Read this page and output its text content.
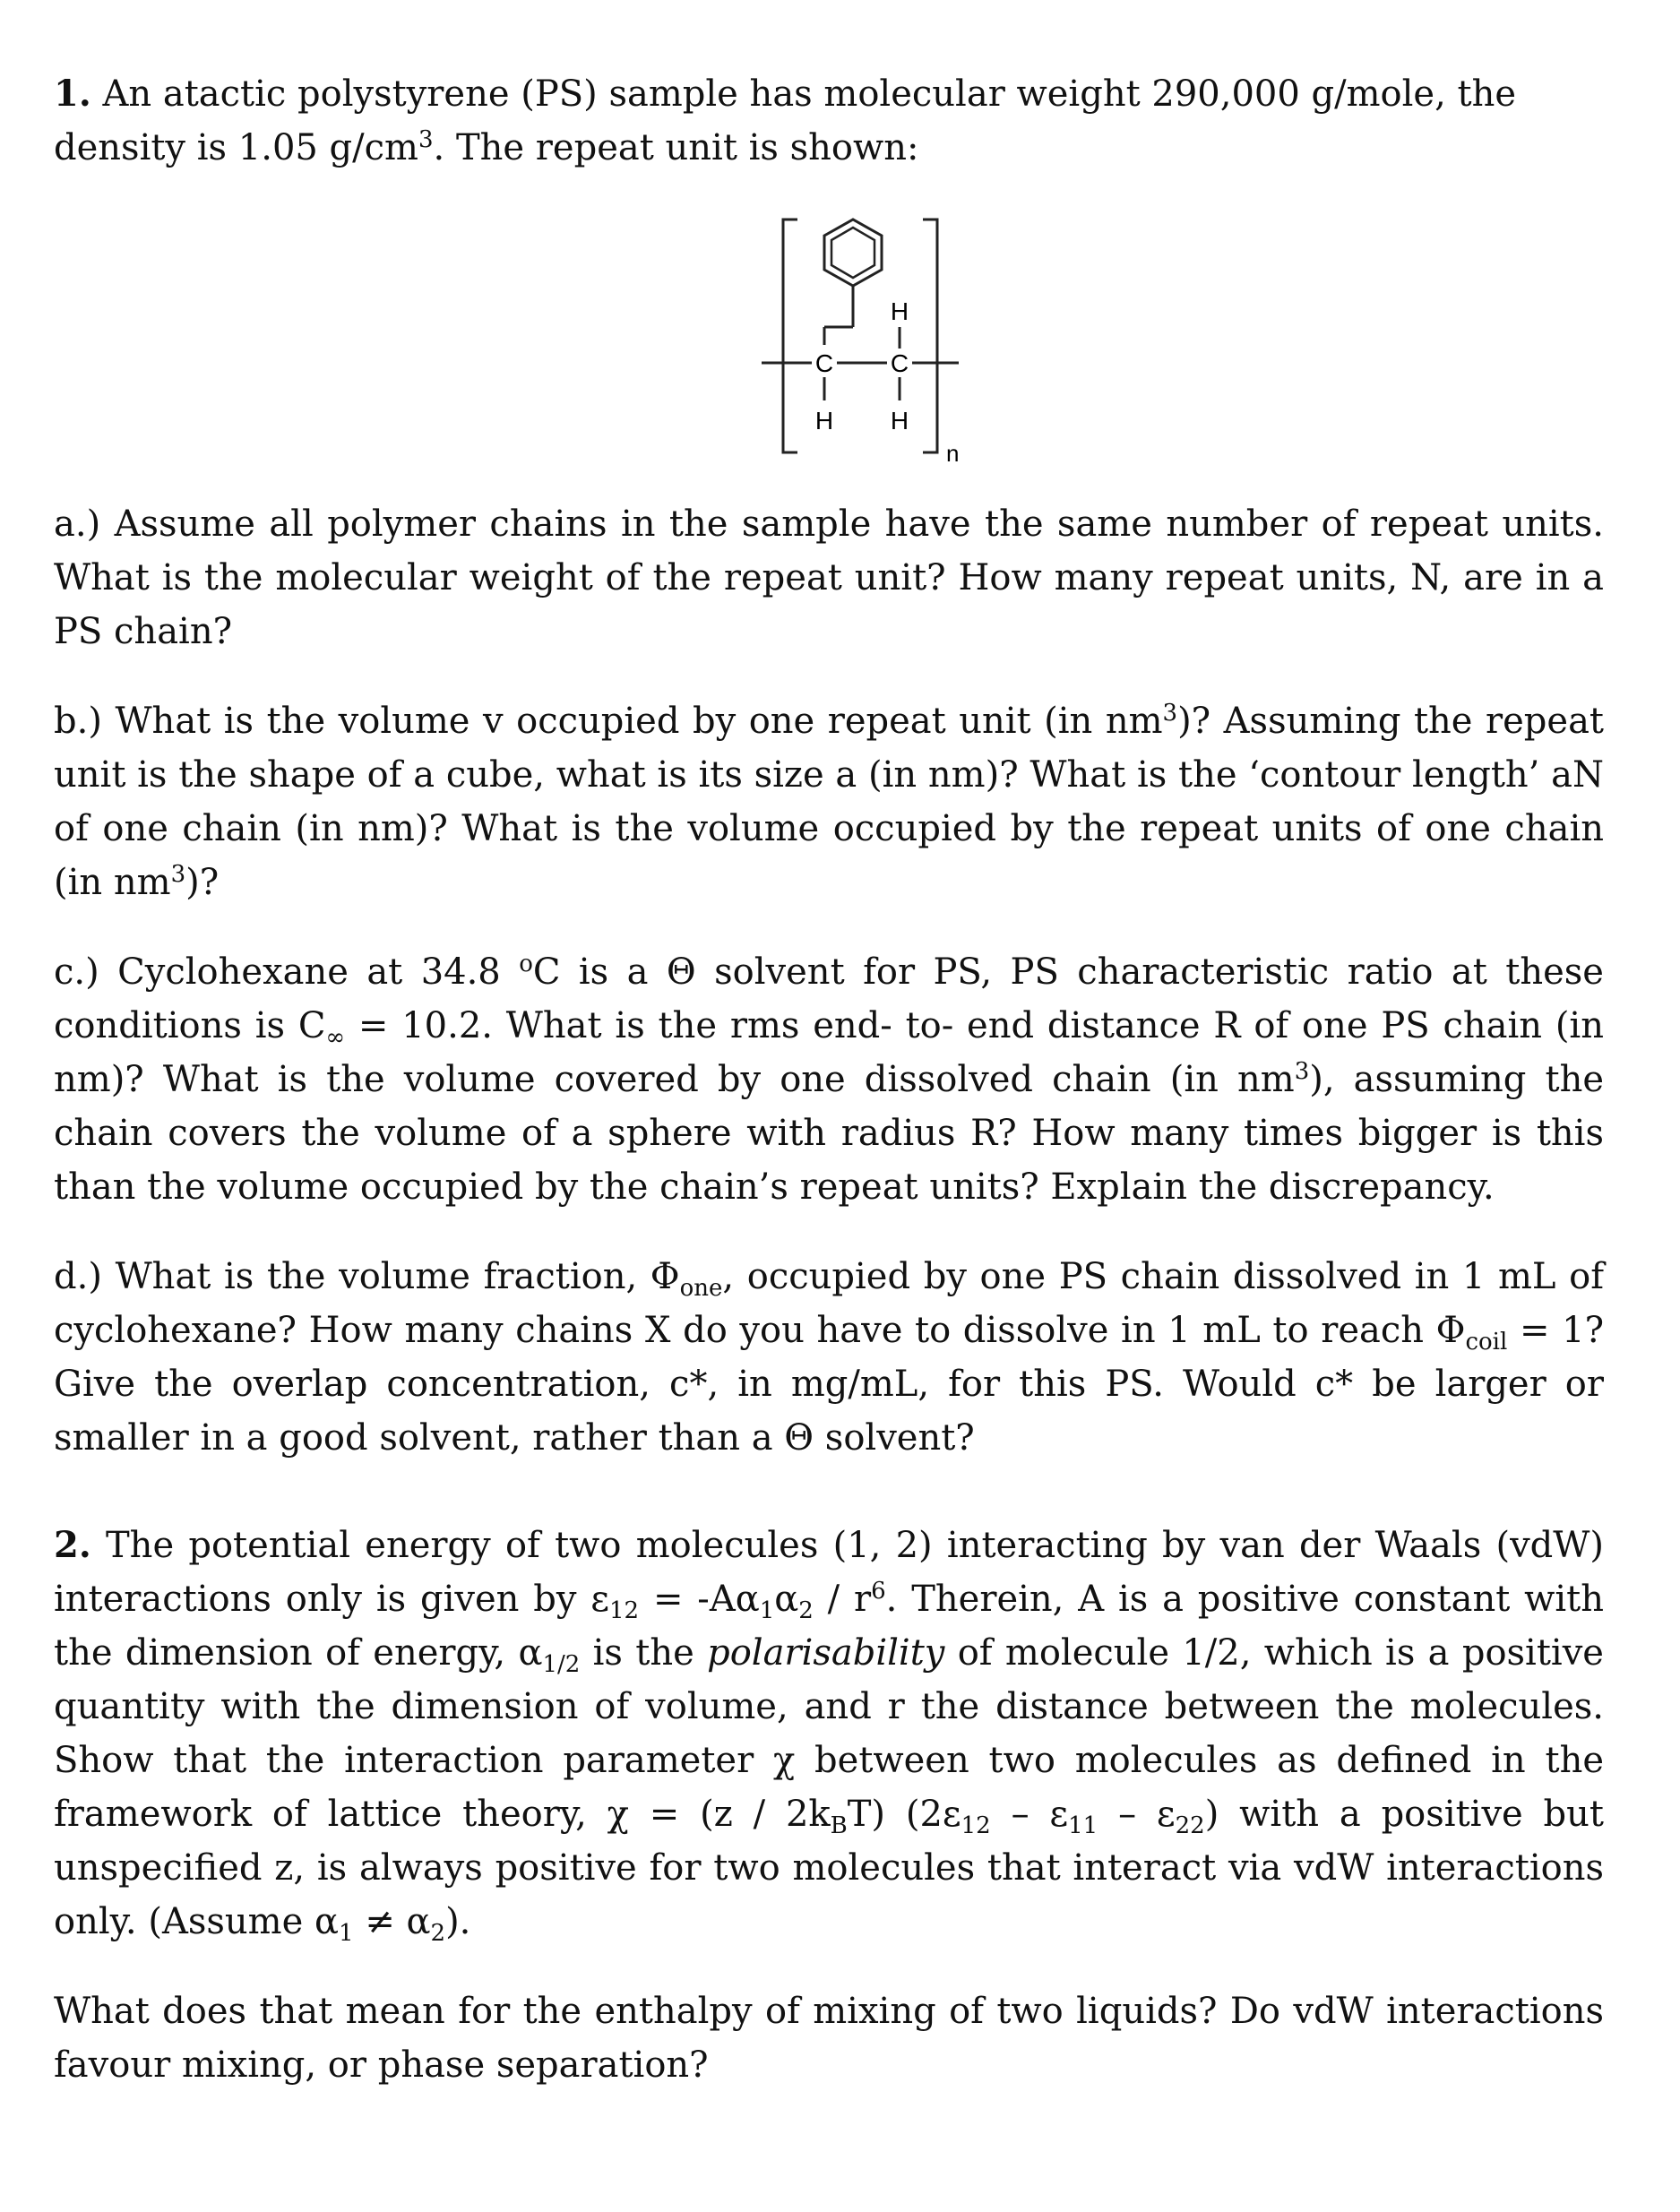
1. An atactic polystyrene (PS) sample has molecular weight 290,000 g/mole, the
density is 1.05 $g/cm^3$. The repeat unit is shown:

C C
H
H H
n

a.) Assume all polymer chains in the sample have the same number of repeat units. What is the molecular weight of the repeat unit? How many repeat units, N, are in a PS chain?

b.) What is the volume v occupied by one repeat unit (in $nm^3$)? Assuming the repeat unit is the shape of a cube, what is its size a (in nm)? What is the ‘contour length’ aN of one chain (in nm)? What is the volume occupied by the repeat units of one chain (in $nm^3$)?

c.) Cyclohexane at 34.8 $^o$C is a Θ solvent for PS, PS characteristic ratio at these conditions is $C_\infty = 10.2$. What is the rms end- to- end distance R of one PS chain (in nm)? What is the volume covered by one dissolved chain (in $nm^3$), assuming the chain covers the volume of a sphere with radius R? How many times bigger is this than the volume occupied by the chain’s repeat units? Explain the discrepancy.

d.) What is the volume fraction, $\Phi_{one}$, occupied by one PS chain dissolved in 1 mL of cyclohexane? How many chains X do you have to dissolve in 1 mL to reach $\Phi_{coil} = 1$? Give the overlap concentration, c*, in mg/mL, for this PS. Would c* be larger or smaller in a good solvent, rather than a Θ solvent?

2. The potential energy of two molecules (1, 2) interacting by van der Waals (vdW) interactions only is given by $\varepsilon_{12} = -A\alpha_1\alpha_2 / r^6$. Therein, A is a positive constant with the dimension of energy, $\alpha_{1/2}$ is the polarisability of molecule 1/2, which is a positive quantity with the dimension of volume, and r the distance between the molecules. Show that the interaction parameter χ between two molecules as defined in the framework of lattice theory, $\chi = (z / 2k_BT)$ $(2\varepsilon_{12} - \varepsilon_{11} - \varepsilon_{22})$ with a positive but unspecified z, is always positive for two molecules that interact via vdW interactions only. (Assume $\alpha_1 \ne \alpha_2$).

What does that mean for the enthalpy of mixing of two liquids? Do vdW interactions favour mixing, or phase separation?
